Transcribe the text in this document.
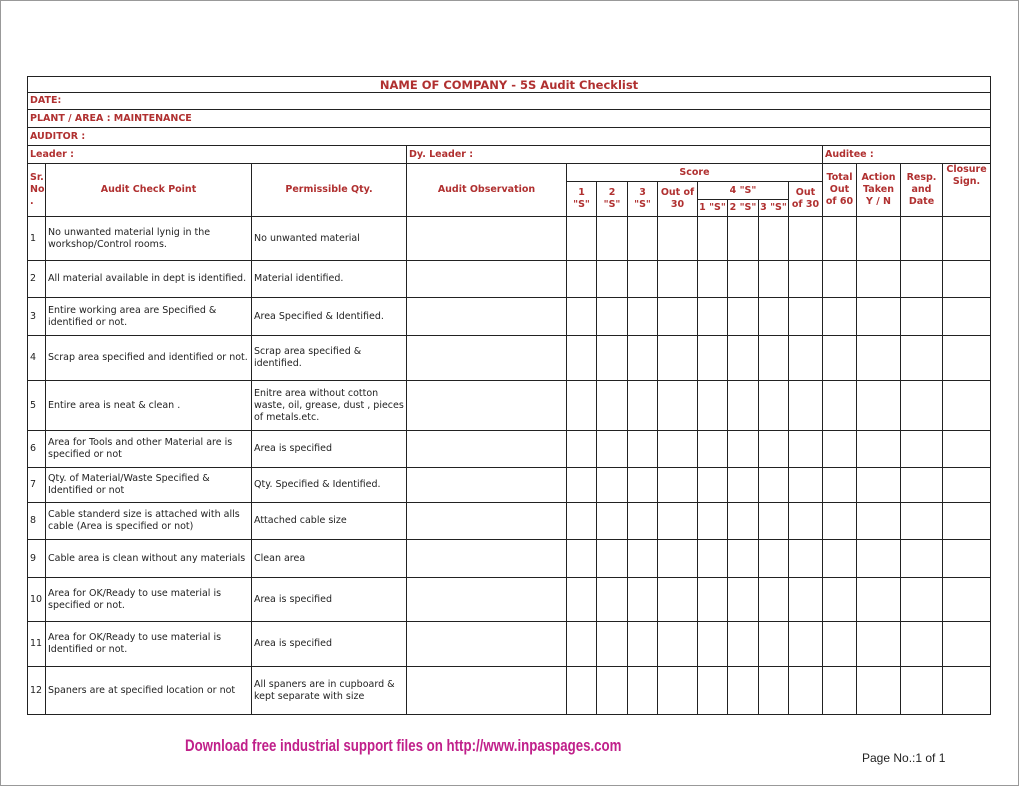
NAME OF COMPANY - 5S Audit Checklist															
DATE:															
PLANT / AREA : MAINTENANCE															
AUDITOR :															
Leader :			Dy. Leader :									Auditee :			
Sr. No .	Audit Check Point	Permissible Qty.	Audit Observation	Score								Total Out of 60	Action Taken Y / N	Resp. and Date	Closure Sign.
				1 "S"	2 "S"	3 "S"	Out of 30	4 "S"			Out of 30				
								1 "S"	2 "S"	3 "S"					
1	No unwanted material lynig in the workshop/Control rooms.	No unwanted material													
2	All material available in dept is identified.	Material identified.													
3	Entire working area are Specified & identified or not.	Area Specified & Identified.													
4	Scrap area specified and identified or not.	Scrap area specified & identified.													
5	Entire area is neat & clean .	Enitre area without cotton waste, oil, grease, dust , pieces of metals.etc.													
6	Area for Tools and other Material are is specified or not	Area is specified													
7	Qty. of Material/Waste Specified & Identified or not	Qty. Specified & Identified.													
8	Cable standerd size is attached with alls cable (Area is specified or not)	Attached cable size													
9	Cable area is clean without any materials	Clean area													
10	Area for OK/Ready to use material is specified or not.	Area is specified													
11	Area for OK/Ready to use material is Identified or not.	Area is specified													
12	Spaners are at specified location or not	All spaners are in cupboard & kept separate with size													
Download free industrial support files on http://www.inpaspages.com
Page No.:1 of 1
